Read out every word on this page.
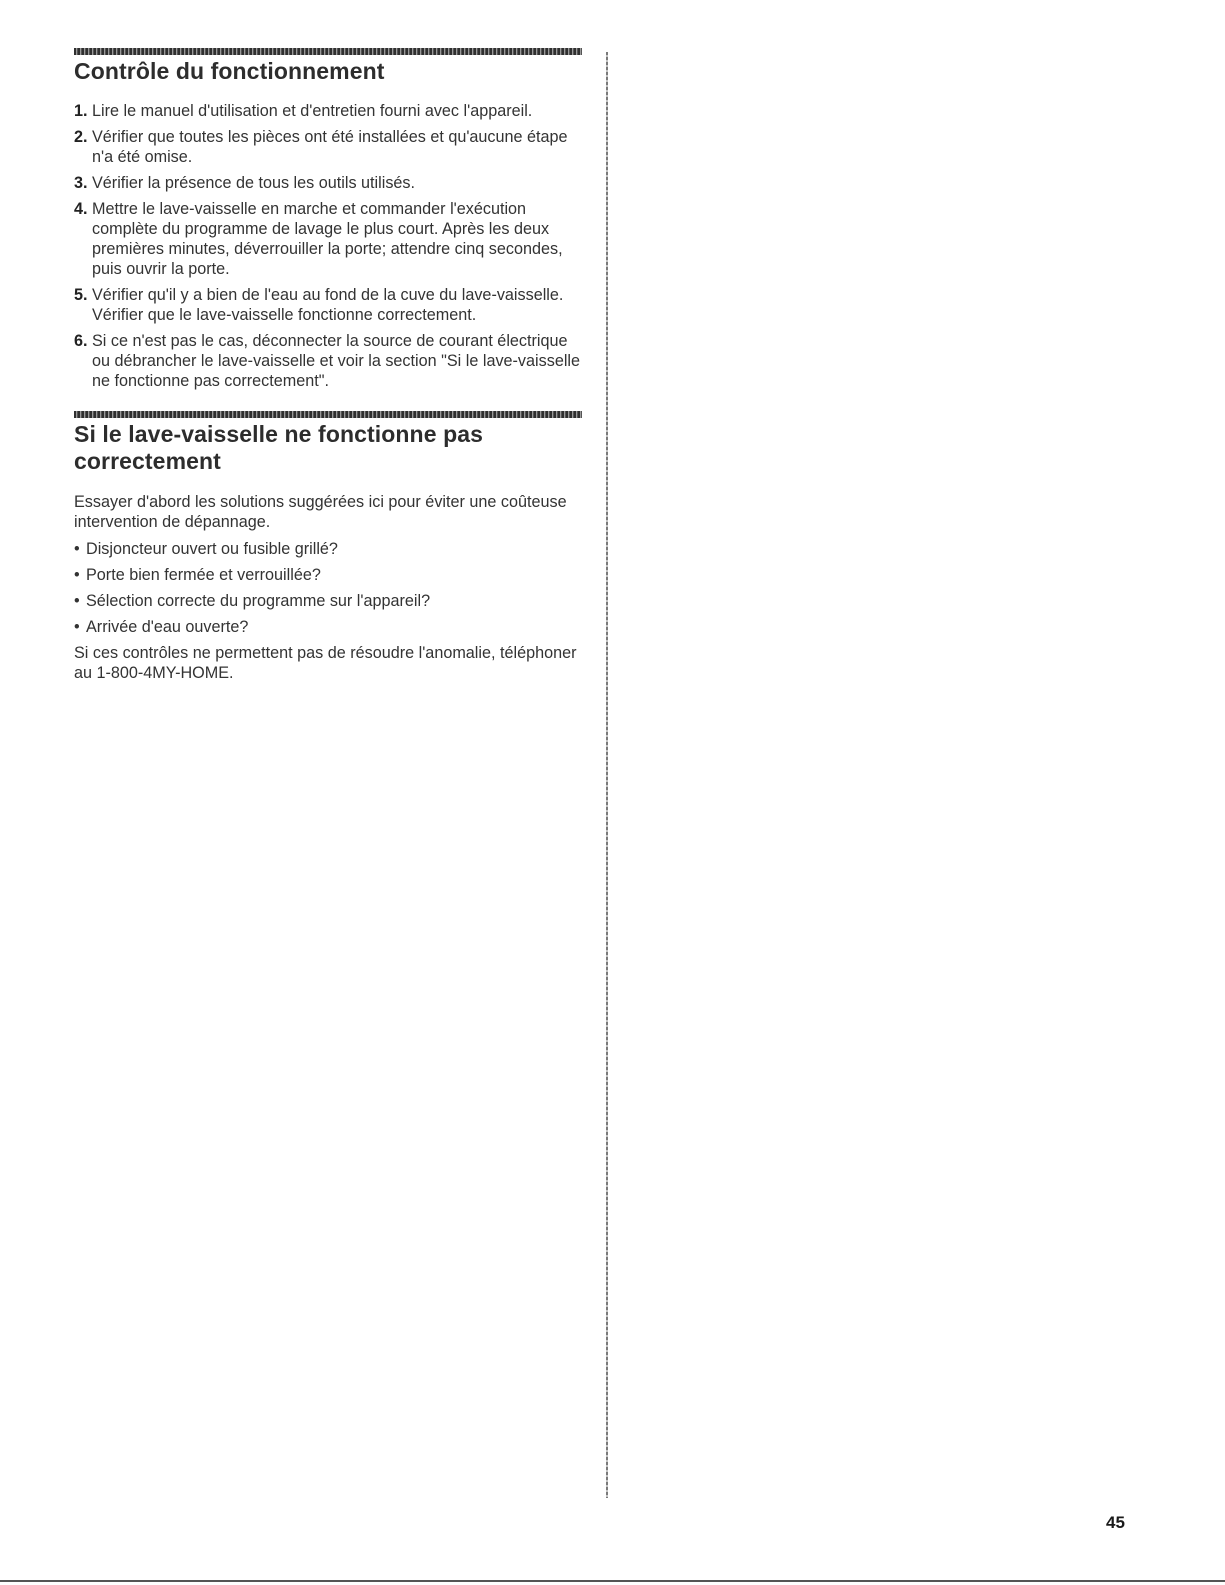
Contrôle du fonctionnement
1. Lire le manuel d'utilisation et d'entretien fourni avec l'appareil.
2. Vérifier que toutes les pièces ont été installées et qu'aucune étape n'a été omise.
3. Vérifier la présence de tous les outils utilisés.
4. Mettre le lave-vaisselle en marche et commander l'exécution complète du programme de lavage le plus court. Après les deux premières minutes, déverrouiller la porte; attendre cinq secondes, puis ouvrir la porte.
5. Vérifier qu'il y a bien de l'eau au fond de la cuve du lave-vaisselle. Vérifier que le lave-vaisselle fonctionne correctement.
6. Si ce n'est pas le cas, déconnecter la source de courant électrique ou débrancher le lave-vaisselle et voir la section "Si le lave-vaisselle ne fonctionne pas correctement".
Si le lave-vaisselle ne fonctionne pas correctement

Essayer d'abord les solutions suggérées ici pour éviter une coûteuse intervention de dépannage.

• Disjoncteur ouvert ou fusible grillé?
• Porte bien fermée et verrouillée?
• Sélection correcte du programme sur l'appareil?
• Arrivée d'eau ouverte?

Si ces contrôles ne permettent pas de résoudre l'anomalie, téléphoner au 1-800-4MY-HOME.

45
